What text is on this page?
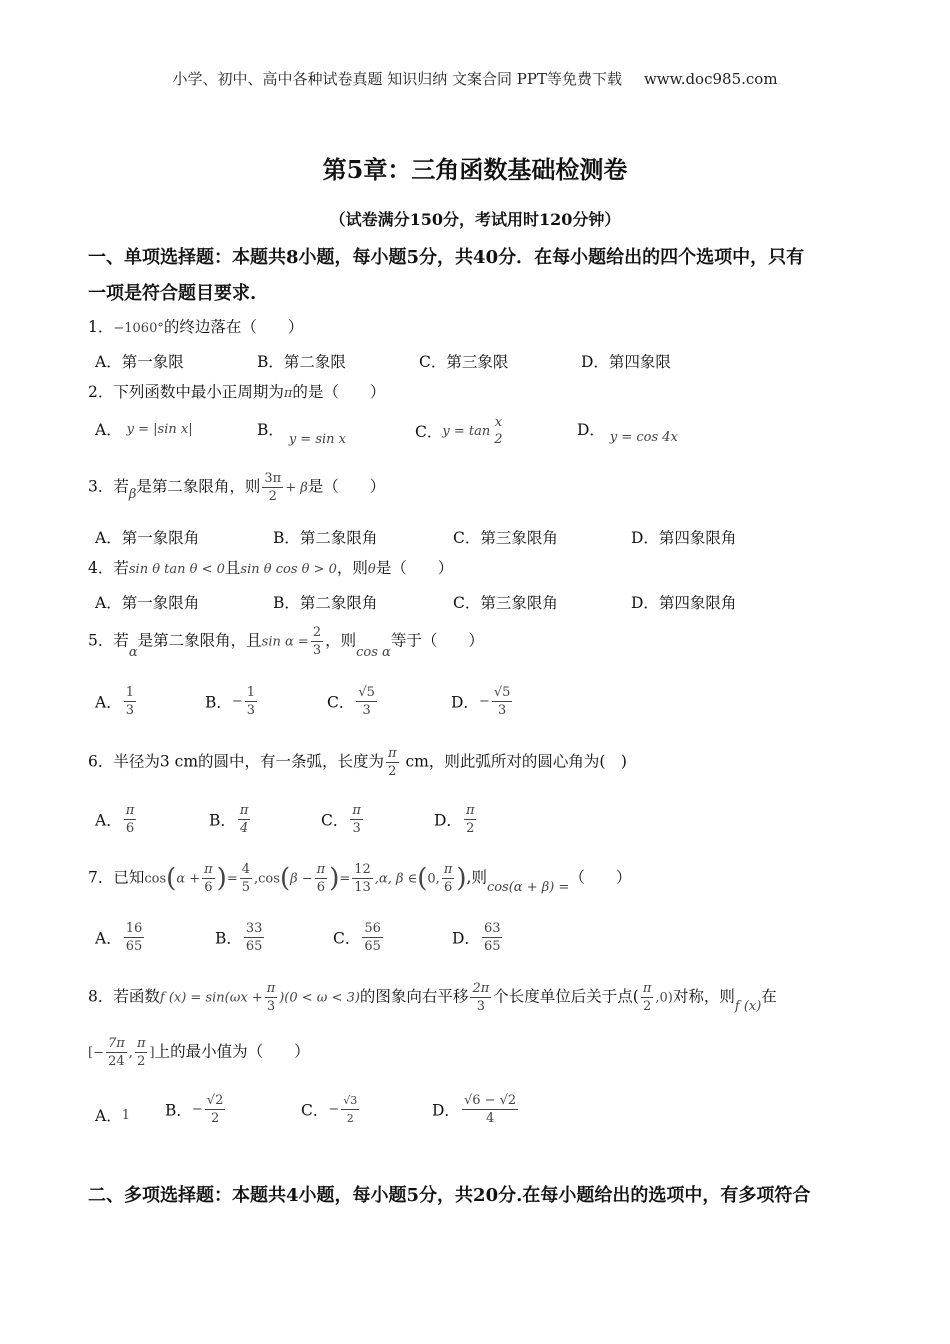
小学、初中、高中各种试卷真题 知识归纳 文案合同 PPT等免费下载 www.doc985.com
第5章：三角函数基础检测卷
（试卷满分150分，考试用时120分钟）
一、单项选择题：本题共8小题，每小题5分，共40分．在每小题给出的四个选项中，只有
一项是符合题目要求.
1．−1060°的终边落在（　　）
A．第一象限	B．第二象限	C．第三象限	D．第四象限
2．下列函数中最小正周期为π的是（　　）
A． y = |sin x|	B． $_{y = sin x}$	C．y = tan
x
2
D． $_{y = cos 4x}$
3．若$_\beta$是第二象限角，则 $\frac{3\pi}{2} + \beta$是（　　）
A．第一象限角	B．第二象限角	C．第三象限角	D．第四象限角
4．若sin θ tan θ < 0且sin θ cos θ > 0，则θ是（　　）
A．第一象限角	B．第二象限角	C．第三象限角	D．第四象限角
5．若$_\alpha$是第二象限角，且$\sin \alpha = \frac{2}{3}$ ，则$_{cos \alpha}$等于（　　）
A． $\frac{1}{3}$	B．− $\frac{1}{3}$	C． $\frac{√5}{3}$	D．− $\frac{√5}{3}$
6．半径为3 cm的圆中，有一条弧，长度为 $\frac{\pi}{2}$ cm，则此弧所对的圆心角为(　)
A． $\frac{\pi}{6}$	B． $\frac{\pi}{4}$	C． $\frac{\pi}{3}$	D． $\frac{\pi}{2}$
7．已知$\cos(\alpha + \frac{\pi}{6}$ )= $\frac{4}{5} ,\cos(\beta - \frac{\pi}{6}$ )= $\frac{12}{13} ,\alpha$, β ∈(0, $\frac{\pi}{6}$ ),则$_{cos(\alpha + \beta) =}$（　　）
A． $\frac{16}{65}$	B． $\frac{33}{65}$	C． $\frac{56}{65}$	D． $\frac{63}{65}$
8．若函数f $(x) = \sin(\omega x + \frac{\pi}{3} )(0 < \omega < 3)$的图象向右平移 $\frac{2\pi}{3}$ 个长度单位后关于点( $\frac{\pi}{2} ,0$)对称，则$_{f (x)}$在
[− $\frac{7\pi}{24}$ , $\frac{\pi}{2}$ ]上的最小值为（　　）
A．1 B．− $\frac{√2}{2}$	C．− $\frac{√3}{2}$	D． $\frac{√6 - √2}{4}$
二、多项选择题：本题共4小题，每小题5分，共20分.在每小题给出的选项中，有多项符合
